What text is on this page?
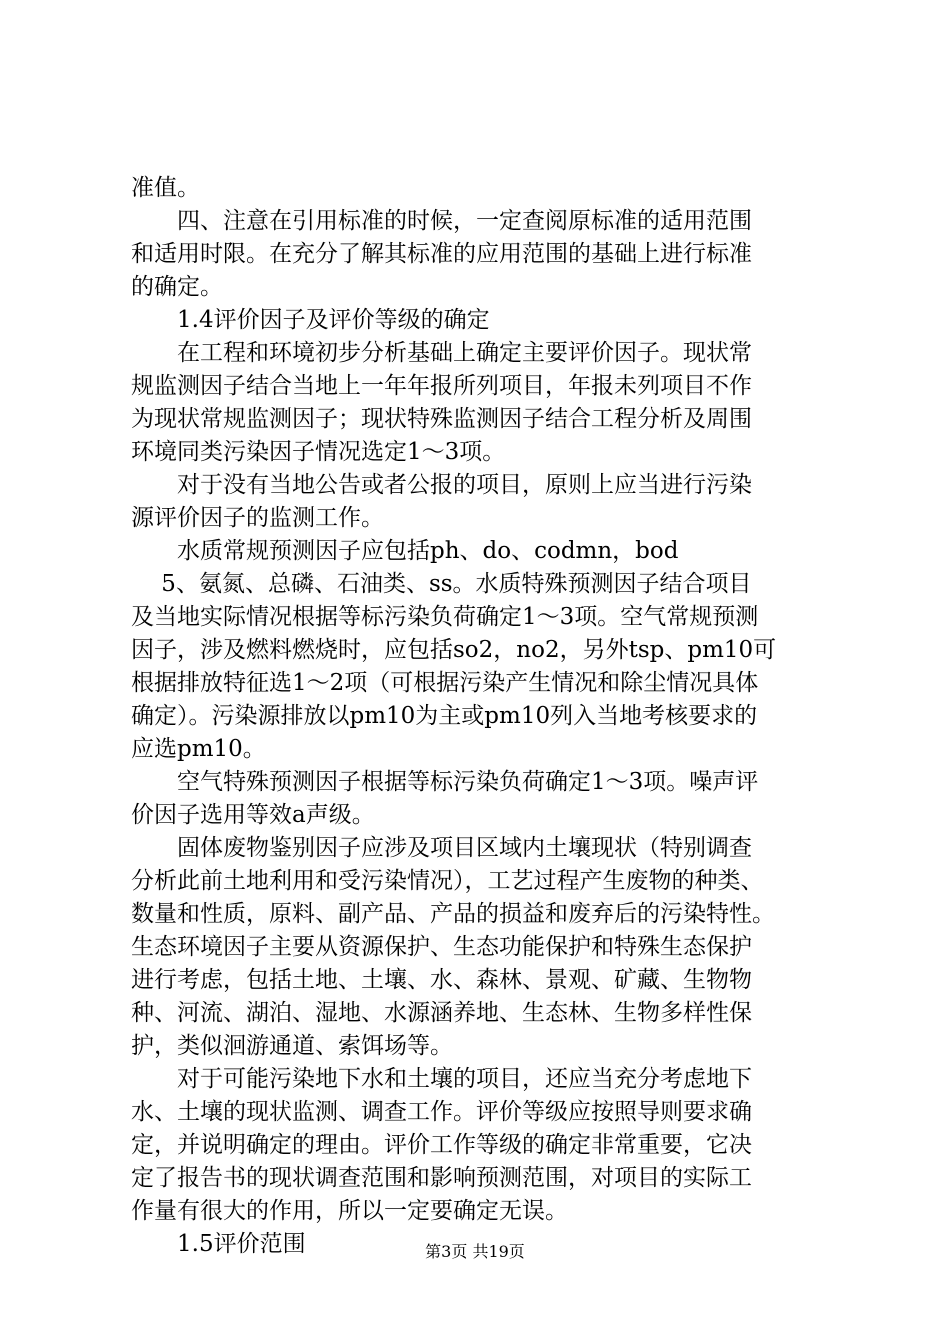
准值。
　　四、注意在引用标准的时候，一定查阅原标准的适用范围
和适用时限。在充分了解其标准的应用范围的基础上进行标准
的确定。
　　1.4评价因子及评价等级的确定
　　在工程和环境初步分析基础上确定主要评价因子。现状常
规监测因子结合当地上一年年报所列项目，年报未列项目不作
为现状常规监测因子；现状特殊监测因子结合工程分析及周围
环境同类污染因子情况选定1～3项。
　　对于没有当地公告或者公报的项目，原则上应当进行污染
源评价因子的监测工作。
　　水质常规预测因子应包括ph、do、codmn，bod
　 5、氨氮、总磷、石油类、ss。水质特殊预测因子结合项目
及当地实际情况根据等标污染负荷确定1～3项。空气常规预测
因子，涉及燃料燃烧时，应包括so2，no2，另外tsp、pm10可
根据排放特征选1～2项（可根据污染产生情况和除尘情况具体
确定）。污染源排放以pm10为主或pm10列入当地考核要求的
应选pm10。
　　空气特殊预测因子根据等标污染负荷确定1～3项。噪声评
价因子选用等效a声级。
　　固体废物鉴别因子应涉及项目区域内土壤现状（特别调查
分析此前土地利用和受污染情况），工艺过程产生废物的种类、
数量和性质，原料、副产品、产品的损益和废弃后的污染特性。
生态环境因子主要从资源保护、生态功能保护和特殊生态保护
进行考虑，包括土地、土壤、水、森林、景观、矿藏、生物物
种、河流、湖泊、湿地、水源涵养地、生态林、生物多样性保
护，类似洄游通道、索饵场等。
　　对于可能污染地下水和土壤的项目，还应当充分考虑地下
水、土壤的现状监测、调查工作。评价等级应按照导则要求确
定，并说明确定的理由。评价工作等级的确定非常重要，它决
定了报告书的现状调查范围和影响预测范围，对项目的实际工
作量有很大的作用，所以一定要确定无误。
　　1.5评价范围	第3页 共19页
